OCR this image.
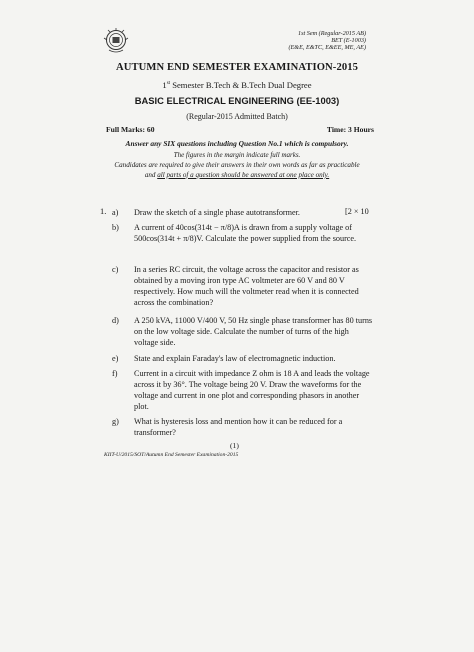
1st Sem (Regular-2015 AB)
BET (E-1003)
(E&E, E&TC, E&EE, ME, AE)
AUTUMN END SEMESTER EXAMINATION-2015
1st Semester B.Tech & B.Tech Dual Degree
BASIC ELECTRICAL ENGINEERING (EE-1003)
(Regular-2015 Admitted Batch)
Full Marks: 60	Time: 3 Hours
Answer any SIX questions including Question No.1 which is compulsory.
The figures in the margin indicate full marks.
Candidates are required to give their answers in their own words as far as practicable
and all parts of a question should be answered at one place only.
1.	[2 × 10
a)	Draw the sketch of a single phase autotransformer.
b)	A current of 40cos(314t − π/8)A is drawn from a supply voltage of 500cos(314t + π/8)V. Calculate the power supplied from the source.
c)	In a series RC circuit, the voltage across the capacitor and resistor as obtained by a moving iron type AC voltmeter are 60 V and 80 V respectively. How much will the voltmeter read when it is connected across the combination?
d)	A 250 kVA, 11000 V/400 V, 50 Hz single phase transformer has 80 turns on the low voltage side. Calculate the number of turns of the high voltage side.
e)	State and explain Faraday's law of electromagnetic induction.
f)	Current in a circuit with impedance Z ohm is 18 A and leads the voltage across it by 36°. The voltage being 20 V. Draw the waveforms for the voltage and current in one plot and corresponding phasors in another plot.
g)	What is hysteresis loss and mention how it can be reduced for a transformer?
(1)
KIIT-U/2015/SOT/Autumn End Semester Examination-2015
